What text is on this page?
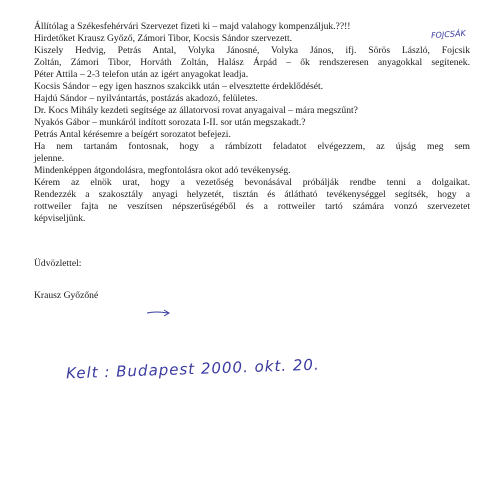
Állítólag a Székesfehérvári Szervezet fizeti ki – majd valahogy kompenzáljuk.??!!
Hirdetőket Krausz Győző, Zámori Tibor, Kocsis Sándor szervezett.
Kiszely Hedvig, Petrás Antal, Volyka Jánosné, Volyka János, ifj. Sörös László, Fojcsik
Zoltán, Zámori Tibor, Horváth Zoltán, Halász Árpád – ők rendszeresen anyagokkal segítenek.
Péter Attila – 2-3 telefon után az igért anyagokat leadja.
Kocsis Sándor – egy igen hasznos szakcikk után – elvesztette érdeklődését.
Hajdú Sándor – nyilvántartás, postázás akadozó, felületes.
Dr. Kocs Mihály kezdeti segítsége az állatorvosi rovat anyagaival – mára megszűnt?
Nyakós Gábor – munkáról indított sorozata I-II. sor után megszakadt.?
Petrás Antal kérésemre a beígért sorozatot befejezi.
Ha nem tartanám fontosnak, hogy a rámbízott feladatot elvégezzem, az újság meg sem
jelenne.
Mindenképpen átgondolásra, megfontolásra okot adó tevékenység.
Kérem az elnök urat, hogy a vezetőség bevonásával próbálják rendbe tenni a dolgaikat.
Rendezzék a szakosztály anyagi helyzetét, tisztán és átlátható tevékenységgel segítsék, hogy a
rottweiler fajta ne veszítsen népszerűségéből és a rottweiler tartó számára vonzó szervezetet
képviseljünk.
Üdvözlettel:
Krausz Győzőné
FOJCSÁK
Kelt : Budapest 2000. okt. 20.
